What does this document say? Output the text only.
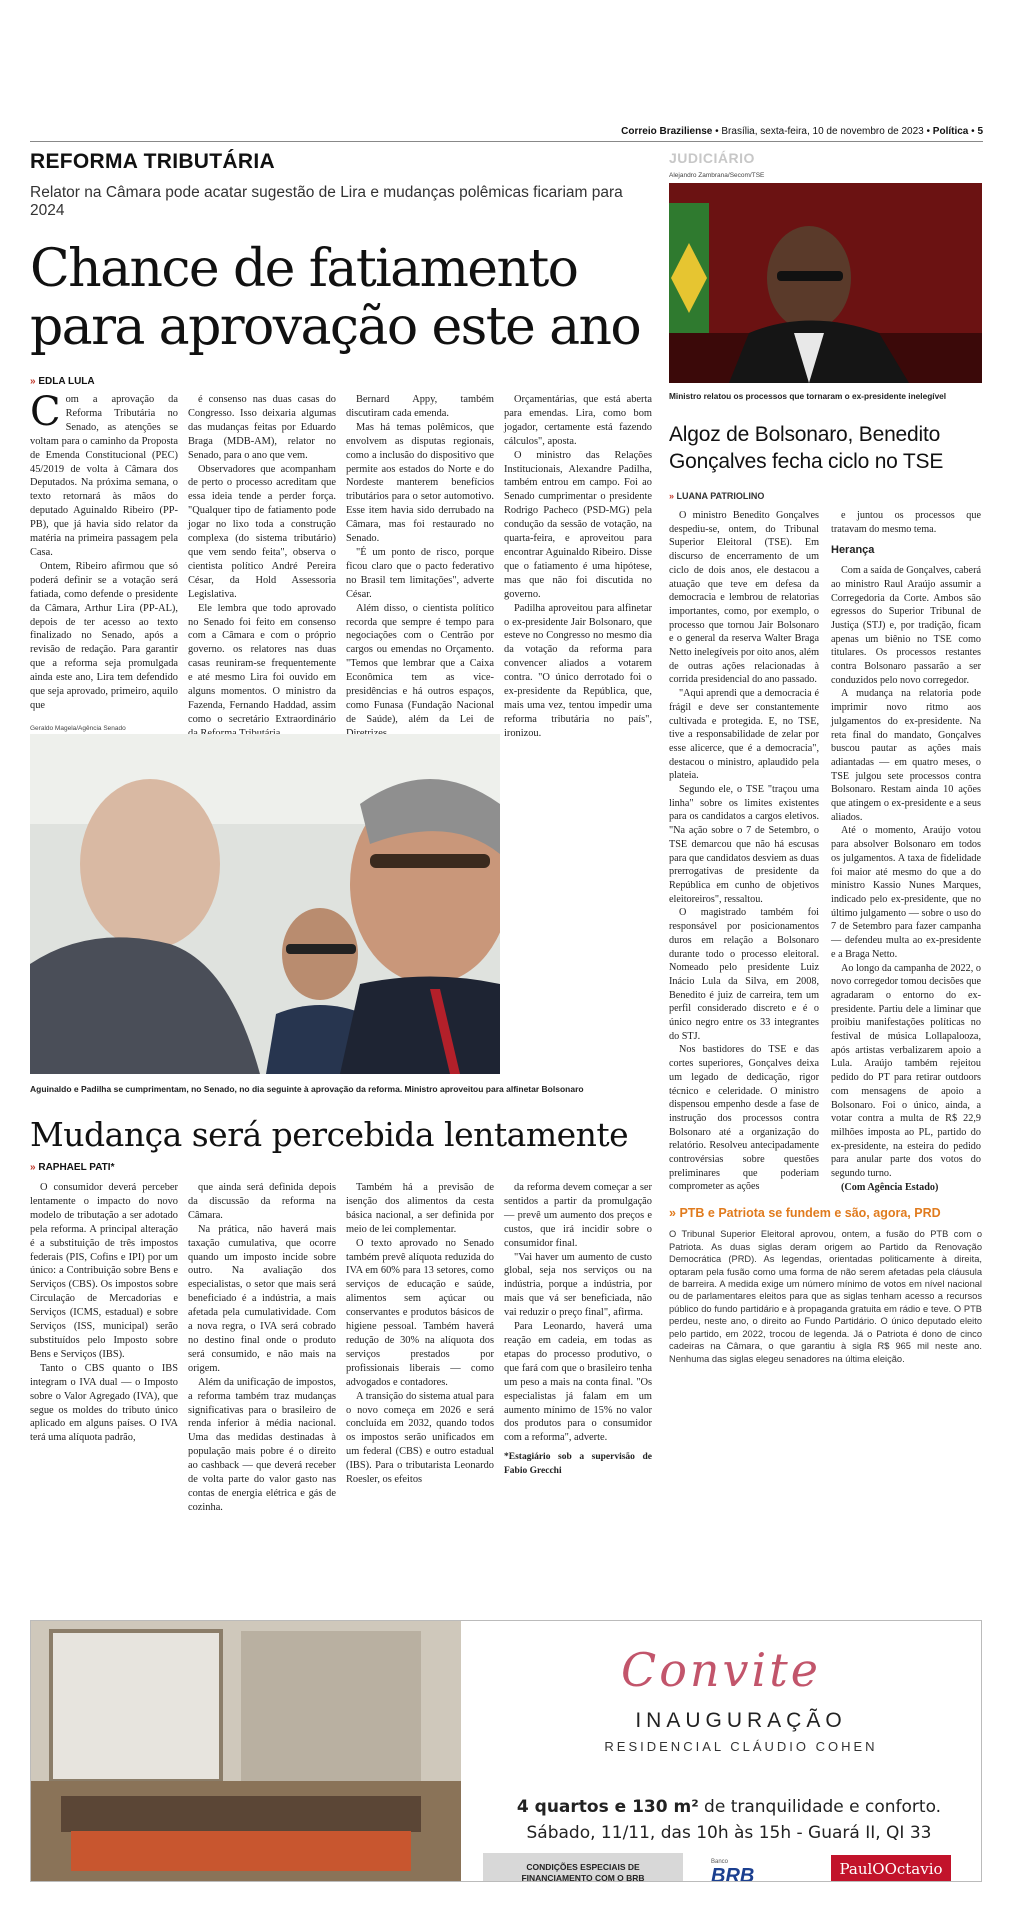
Correio Braziliense • Brasília, sexta-feira, 10 de novembro de 2023 • Política • 5
REFORMA TRIBUTÁRIA
Relator na Câmara pode acatar sugestão de Lira e mudanças polêmicas ficariam para 2024
Chance de fatiamento
para aprovação este ano
» EDLA LULA

Com a aprovação da Reforma Tributária no Senado, as atenções se voltam para o caminho da Proposta de Emenda Constitucional (PEC) 45/2019 de volta à Câmara dos Deputados. Na próxima semana, o texto retornará às mãos do deputado Aguinaldo Ribeiro (PP-PB), que já havia sido relator da matéria na primeira passagem pela Casa.

Ontem, Ribeiro afirmou que só poderá definir se a votação será fatiada, como defende o presidente da Câmara, Arthur Lira (PP-AL), depois de ter acesso ao texto finalizado no Senado, após a revisão de redação. Para garantir que a reforma seja promulgada ainda este ano, Lira tem defendido que seja aprovado, primeiro, aquilo que

é consenso nas duas casas do Congresso. Isso deixaria algumas das mudanças feitas por Eduardo Braga (MDB-AM), relator no Senado, para o ano que vem.

Observadores que acompanham de perto o processo acreditam que essa ideia tende a perder força. "Qualquer tipo de fatiamento pode jogar no lixo toda a construção complexa (do sistema tributário) que vem sendo feita", observa o cientista político André Pereira César, da Hold Assessoria Legislativa.

Ele lembra que todo aprovado no Senado foi feito em consenso com a Câmara e com o próprio governo. os relatores nas duas casas reuniram-se frequentemente e até mesmo Lira foi ouvido em alguns momentos. O ministro da Fazenda, Fernando Haddad, assim como o secretário Extraordinário

Bernard Appy, também discutiram cada emenda.

Mas há temas polêmicos, que envolvem as disputas regionais, como a inclusão do dispositivo que permite aos estados do Norte e do Nordeste manterem benefícios tributários para o setor automotivo. Esse item havia sido derrubado na Câmara, mas foi restaurado no Senado.

"É um ponto de risco, porque ficou claro que o pacto federativo no Brasil tem limitações", adverte César.

Além disso, o cientista político recorda que sempre é tempo para negociações com o Centrão por cargos ou emendas no Orçamento. "Temos que lembrar que a Caixa Econômica tem as vice-presidências e há outros espaços, como Funasa (Fundação Nacional de Saúde), além da Lei de

Orçamentárias, que está aberta para emendas. Lira, como bom jogador, certamente está fazendo cálculos", aposta.

O ministro das Relações Institucionais, Alexandre Padilha, também entrou em campo. Foi ao Senado cumprimentar o presidente Rodrigo Pacheco (PSD-MG) pela condução da sessão de votação, na quarta-feira, e aproveitou para encontrar Aguinaldo Ribeiro. Disse que o fatiamento é uma hipótese, mas que não foi discutida no governo.

Padilha aproveitou para alfinetar o ex-presidente Jair Bolsonaro, que esteve no Congresso no mesmo dia da votação da reforma para convencer aliados a votarem contra. "O único derrotado foi o ex-presidente da República, que, mais uma vez, tentou impedir uma reforma tributária no país", ironizou.

Geraldo Magela/Agência Senado
Aguinaldo e Padilha se cumprimentam, no Senado, no dia seguinte à aprovação da reforma. Ministro aproveitou para alfinetar Bolsonaro
Mudança será percebida lentamente
» RAPHAEL PATI*

O consumidor deverá perceber lentamente o impacto do novo modelo de tributação a ser adotado pela reforma. A principal alteração é a substituição de três impostos federais (PIS, Cofins e IPI) por um único: a Contribuição sobre Bens e Serviços (CBS). Os impostos sobre Circulação de Mercadorias e Serviços (ICMS, estadual) e sobre Serviços (ISS, municipal) serão substituídos pelo Imposto sobre Bens e Serviços (IBS).

Tanto o CBS quanto o IBS integram o IVA dual — o Imposto sobre o Valor Agregado (IVA), que segue os moldes do tributo único aplicado em alguns países. O IVA terá uma alíquota padrão,

que ainda será definida depois da discussão da reforma na Câmara.

Na prática, não haverá mais taxação cumulativa, que ocorre quando um imposto incide sobre outro. Na avaliação dos especialistas, o setor que mais será beneficiado é a indústria, a mais afetada pela cumulatividade. Com a nova regra, o IVA será cobrado no destino final onde o produto será consumido, e não mais na origem.

Além da unificação de impostos, a reforma também traz mudanças significativas para o brasileiro de renda inferior à média nacional. Uma das medidas destinadas à população mais pobre é o direito ao cashback — que deverá receber de volta parte do valor gasto nas contas de energia elétrica e gás de cozinha.

Também há a previsão de isenção dos alimentos da cesta básica nacional, a ser definida por meio de lei complementar.

O texto aprovado no Senado também prevê alíquota reduzida do IVA em 60% para 13 setores, como serviços de educação e saúde, alimentos sem açúcar ou conservantes e produtos básicos de higiene pessoal. Também haverá redução de 30% na alíquota dos serviços prestados por profissionais liberais — como advogados e contadores.

A transição do sistema atual para o novo começa em 2026 e será concluída em 2032, quando todos os impostos serão unificados em um federal (CBS) e outro estadual (IBS). Para o tributarista Leonardo Roesler, os efeitos

da reforma devem começar a ser sentidos a partir da promulgação — prevê um aumento dos preços e custos, que irá incidir sobre o consumidor final.

"Vai haver um aumento de custo global, seja nos serviços ou na indústria, porque a indústria, por mais que vá ser beneficiada, não vai reduzir o preço final", afirma.

Para Leonardo, haverá uma reação em cadeia, em todas as etapas do processo produtivo, o que fará com que o brasileiro tenha um peso a mais na conta final. "Os especialistas já falam em um aumento mínimo de 15% no valor dos produtos para o consumidor com a reforma", adverte.

*Estagiário sob a supervisão de Fabio Grecchi

JUDICIÁRIO
Alejandro Zambrana/Secom/TSE
Ministro relatou os processos que tornaram o ex-presidente inelegível
Algoz de Bolsonaro, Benedito Gonçalves fecha ciclo no TSE
» LUANA PATRIOLINO

O ministro Benedito Gonçalves despediu-se, ontem, do Tribunal Superior Eleitoral (TSE). Em discurso de encerramento de um ciclo de dois anos, ele destacou a atuação que teve em defesa da democracia e lembrou de relatorias importantes, como, por exemplo, o processo que tornou Jair Bolsonaro e o general da reserva Walter Braga Netto inelegíveis por oito anos, além de outras ações relacionadas à corrida presidencial do ano passado.

"Aqui aprendi que a democracia é frágil e deve ser constantemente cultivada e protegida. E, no TSE, tive a responsabilidade de zelar por esse alicerce, que é a democracia", destacou o ministro, aplaudido pela plateia.

Segundo ele, o TSE "traçou uma linha" sobre os limites existentes para os candidatos a cargos eletivos. "Na ação sobre o 7 de Setembro, o TSE demarcou que não há escusas para que candidatos desviem as duas prerrogativas de presidente da República em cunho de objetivos eleitoreiros", ressaltou.

O magistrado também foi responsável por posicionamentos duros em relação a Bolsonaro durante todo o processo eleitoral. Nomeado pelo presidente Luiz Inácio Lula da Silva, em 2008, Benedito é juiz de carreira, tem um perfil considerado discreto e é o único negro entre os 33 integrantes do STJ.

Nos bastidores do TSE e das cortes superiores, Gonçalves deixa um legado de dedicação, rigor técnico e celeridade. O ministro dispensou empenho desde a fase de instrução dos processos contra Bolsonaro até a organização do relatório. Resolveu antecipadamente controvérsias sobre questões preliminares que poderiam comprometer as ações

e juntou os processos que tratavam do mesmo tema.

Herança

Com a saída de Gonçalves, caberá ao ministro Raul Araújo assumir a Corregedoria da Corte. Ambos são egressos do Superior Tribunal de Justiça (STJ) e, por tradição, ficam apenas um biênio no TSE como titulares. Os processos restantes contra Bolsonaro passarão a ser conduzidos pelo novo corregedor.

A mudança na relatoria pode imprimir novo ritmo aos julgamentos do ex-presidente. Na reta final do mandato, Gonçalves buscou pautar as ações mais adiantadas — em quatro meses, o TSE julgou sete processos contra Bolsonaro. Restam ainda 10 ações que atingem o ex-presidente e a seus aliados.

Até o momento, Araújo votou para absolver Bolsonaro em todos os julgamentos. A taxa de fidelidade foi maior até mesmo do que a do ministro Kassio Nunes Marques, indicado pelo ex-presidente, que no último julgamento — sobre o uso do 7 de Setembro para fazer campanha — defendeu multa ao ex-presidente e a Braga Netto.

Ao longo da campanha de 2022, o novo corregedor tomou decisões que agradaram o entorno do ex-presidente. Partiu dele a liminar que proibiu manifestações políticas no festival de música Lollapalooza, após artistas verbalizarem apoio a Lula. Araújo também rejeitou pedido do PT para retirar outdoors com mensagens de apoio a Bolsonaro. Foi o único, ainda, a votar contra a multa de R$ 22,9 milhões imposta ao PL, partido do ex-presidente, na esteira do pedido para anular parte dos votos do segundo turno.

(Com Agência Estado)

» PTB e Patriota se fundem e são, agora, PRD
O Tribunal Superior Eleitoral aprovou, ontem, a fusão do PTB com o Patriota. As duas siglas deram origem ao Partido da Renovação Democrática (PRD). As legendas, orientadas politicamente à direita, optaram pela fusão como uma forma de não serem afetadas pela cláusula de barreira. A medida exige um número mínimo de votos em nível nacional ou de parlamentares eleitos para que as siglas tenham acesso a recursos público do fundo partidário e à propaganda gratuita em rádio e teve. O PTB perdeu, neste ano, o direito ao Fundo Partidário. O único deputado eleito pelo partido, em 2022, trocou de legenda. Já o Patriota é dono de cinco cadeiras na Câmara, o que garantiu à sigla R$ 965 mil neste ano. Nenhuma das siglas elegeu senadores na última eleição.
Convite
INAUGURAÇÃO
RESIDENCIAL CLÁUDIO COHEN
4 quartos e 130 m² de tranquilidade e conforto.
Sábado, 11/11, das 10h às 15h - Guará II, QI 33
CONDIÇÕES ESPECIAIS DE
FINANCIAMENTO COM O BRB
Banco
BRB	PaulOOctavio
